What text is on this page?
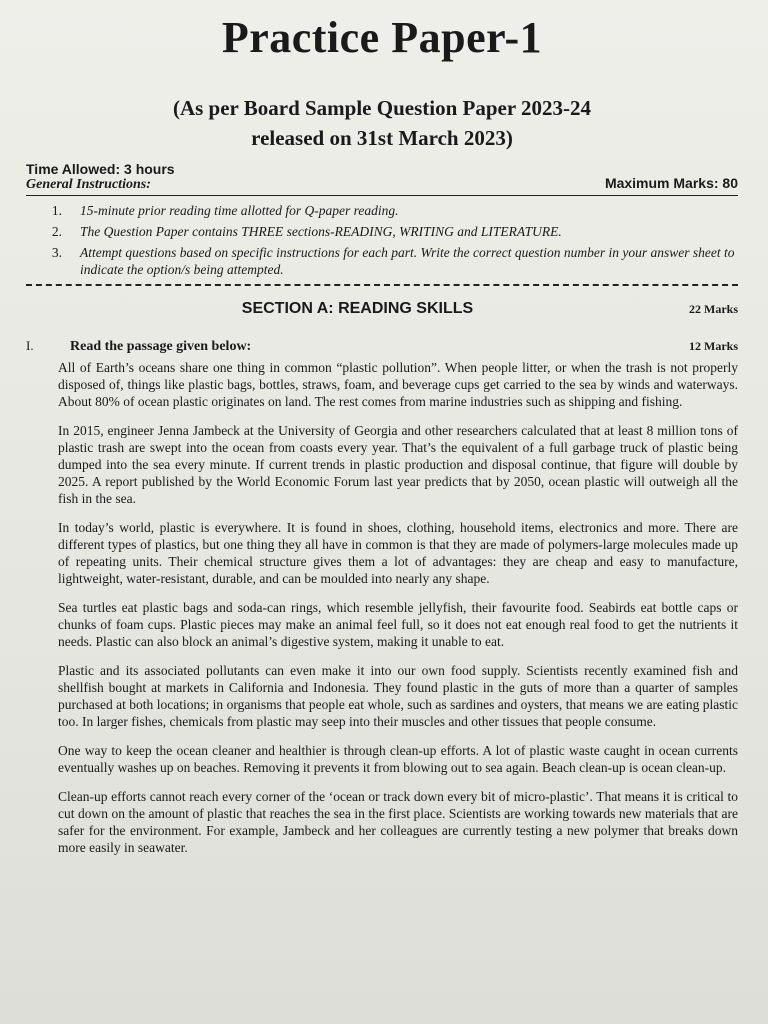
Practice Paper-1
(As per Board Sample Question Paper 2023-24
released on 31st March 2023)
Time Allowed: 3 hours
Maximum Marks: 80
General Instructions:
1.	15-minute prior reading time allotted for Q-paper reading.
2.	The Question Paper contains THREE sections-READING, WRITING and LITERATURE.
3.	Attempt questions based on specific instructions for each part. Write the correct question number in your answer sheet to indicate the option/s being attempted.
SECTION A: READING SKILLS	22 Marks
I.	Read the passage given below:	12 Marks

All of Earth’s oceans share one thing in common “plastic pollution”. When people litter, or when the trash is not properly disposed of, things like plastic bags, bottles, straws, foam, and beverage cups get carried to the sea by winds and waterways. About 80% of ocean plastic originates on land. The rest comes from marine industries such as shipping and fishing.

In 2015, engineer Jenna Jambeck at the University of Georgia and other researchers calculated that at least 8 million tons of plastic trash are swept into the ocean from coasts every year. That’s the equivalent of a full garbage truck of plastic being dumped into the sea every minute. If current trends in plastic production and disposal continue, that figure will double by 2025. A report published by the World Economic Forum last year predicts that by 2050, ocean plastic will outweigh all the fish in the sea.

In today’s world, plastic is everywhere. It is found in shoes, clothing, household items, electronics and more. There are different types of plastics, but one thing they all have in common is that they are made of polymers-large molecules made up of repeating units. Their chemical structure gives them a lot of advantages: they are cheap and easy to manufacture, lightweight, water-resistant, durable, and can be moulded into nearly any shape.

Sea turtles eat plastic bags and soda-can rings, which resemble jellyfish, their favourite food. Seabirds eat bottle caps or chunks of foam cups. Plastic pieces may make an animal feel full, so it does not eat enough real food to get the nutrients it needs. Plastic can also block an animal’s digestive system, making it unable to eat.

Plastic and its associated pollutants can even make it into our own food supply. Scientists recently examined fish and shellfish bought at markets in California and Indonesia. They found plastic in the guts of more than a quarter of samples purchased at both locations; in organisms that people eat whole, such as sardines and oysters, that means we are eating plastic too. In larger fishes, chemicals from plastic may seep into their muscles and other tissues that people consume.

One way to keep the ocean cleaner and healthier is through clean-up efforts. A lot of plastic waste caught in ocean currents eventually washes up on beaches. Removing it prevents it from blowing out to sea again. Beach clean-up is ocean clean-up.

Clean-up efforts cannot reach every corner of the ‘ocean or track down every bit of micro-plastic’. That means it is critical to cut down on the amount of plastic that reaches the sea in the first place. Scientists are working towards new materials that are safer for the environment. For example, Jambeck and her colleagues are currently testing a new polymer that breaks down more easily in seawater.
